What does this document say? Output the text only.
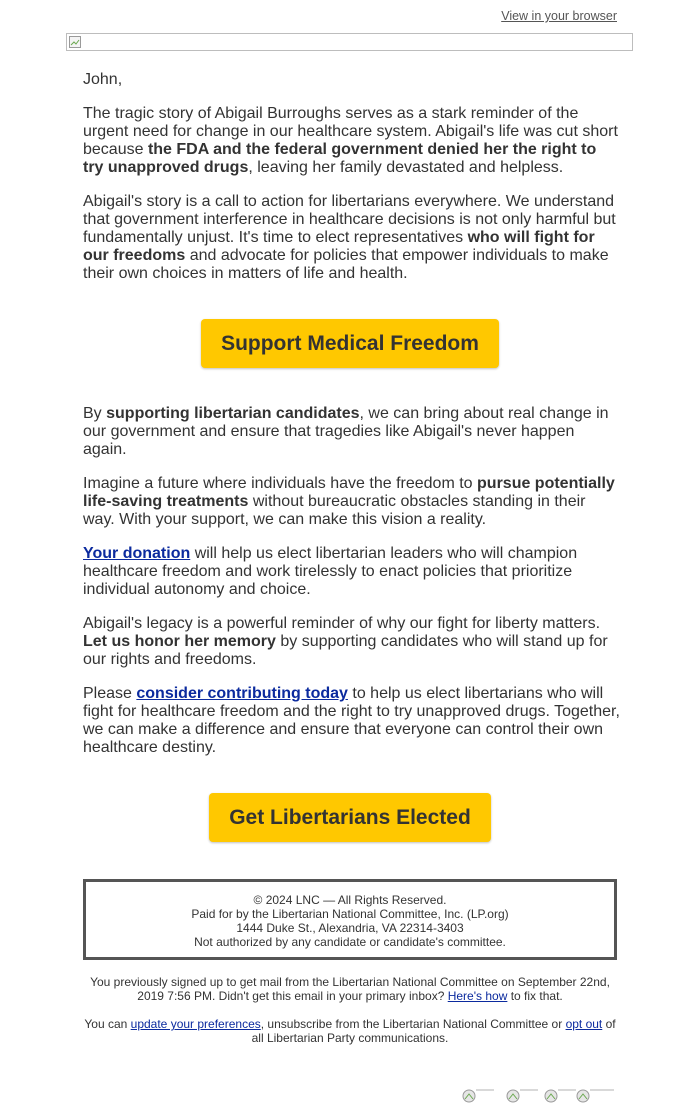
View in your browser

John,

The tragic story of Abigail Burroughs serves as a stark reminder of the urgent need for change in our healthcare system. Abigail's life was cut short because the FDA and the federal government denied her the right to try unapproved drugs, leaving her family devastated and helpless.

Abigail's story is a call to action for libertarians everywhere. We understand that government interference in healthcare decisions is not only harmful but fundamentally unjust. It's time to elect representatives who will fight for our freedoms and advocate for policies that empower individuals to make their own choices in matters of life and health.

By supporting libertarian candidates, we can bring about real change in our government and ensure that tragedies like Abigail's never happen again.

Imagine a future where individuals have the freedom to pursue potentially life-saving treatments without bureaucratic obstacles standing in their way. With your support, we can make this vision a reality.

Your donation will help us elect libertarian leaders who will champion healthcare freedom and work tirelessly to enact policies that prioritize individual autonomy and choice.

Abigail's legacy is a powerful reminder of why our fight for liberty matters. Let us honor her memory by supporting candidates who will stand up for our rights and freedoms.

Please consider contributing today to help us elect libertarians who will fight for healthcare freedom and the right to try unapproved drugs. Together, we can make a difference and ensure that everyone can control their own healthcare destiny.

Support Medical Freedom
Get Libertarians Elected
© 2024 LNC — All Rights Reserved.
Paid for by the Libertarian National Committee, Inc. (LP.org)
1444 Duke St., Alexandria, VA 22314-3403
Not authorized by any candidate or candidate's committee.
You previously signed up to get mail from the Libertarian National Committee on September 22nd, 2019 7:56 PM. Didn't get this email in your primary inbox? Here's how to fix that.
You can update your preferences, unsubscribe from the Libertarian National Committee or opt out of all Libertarian Party communications.
